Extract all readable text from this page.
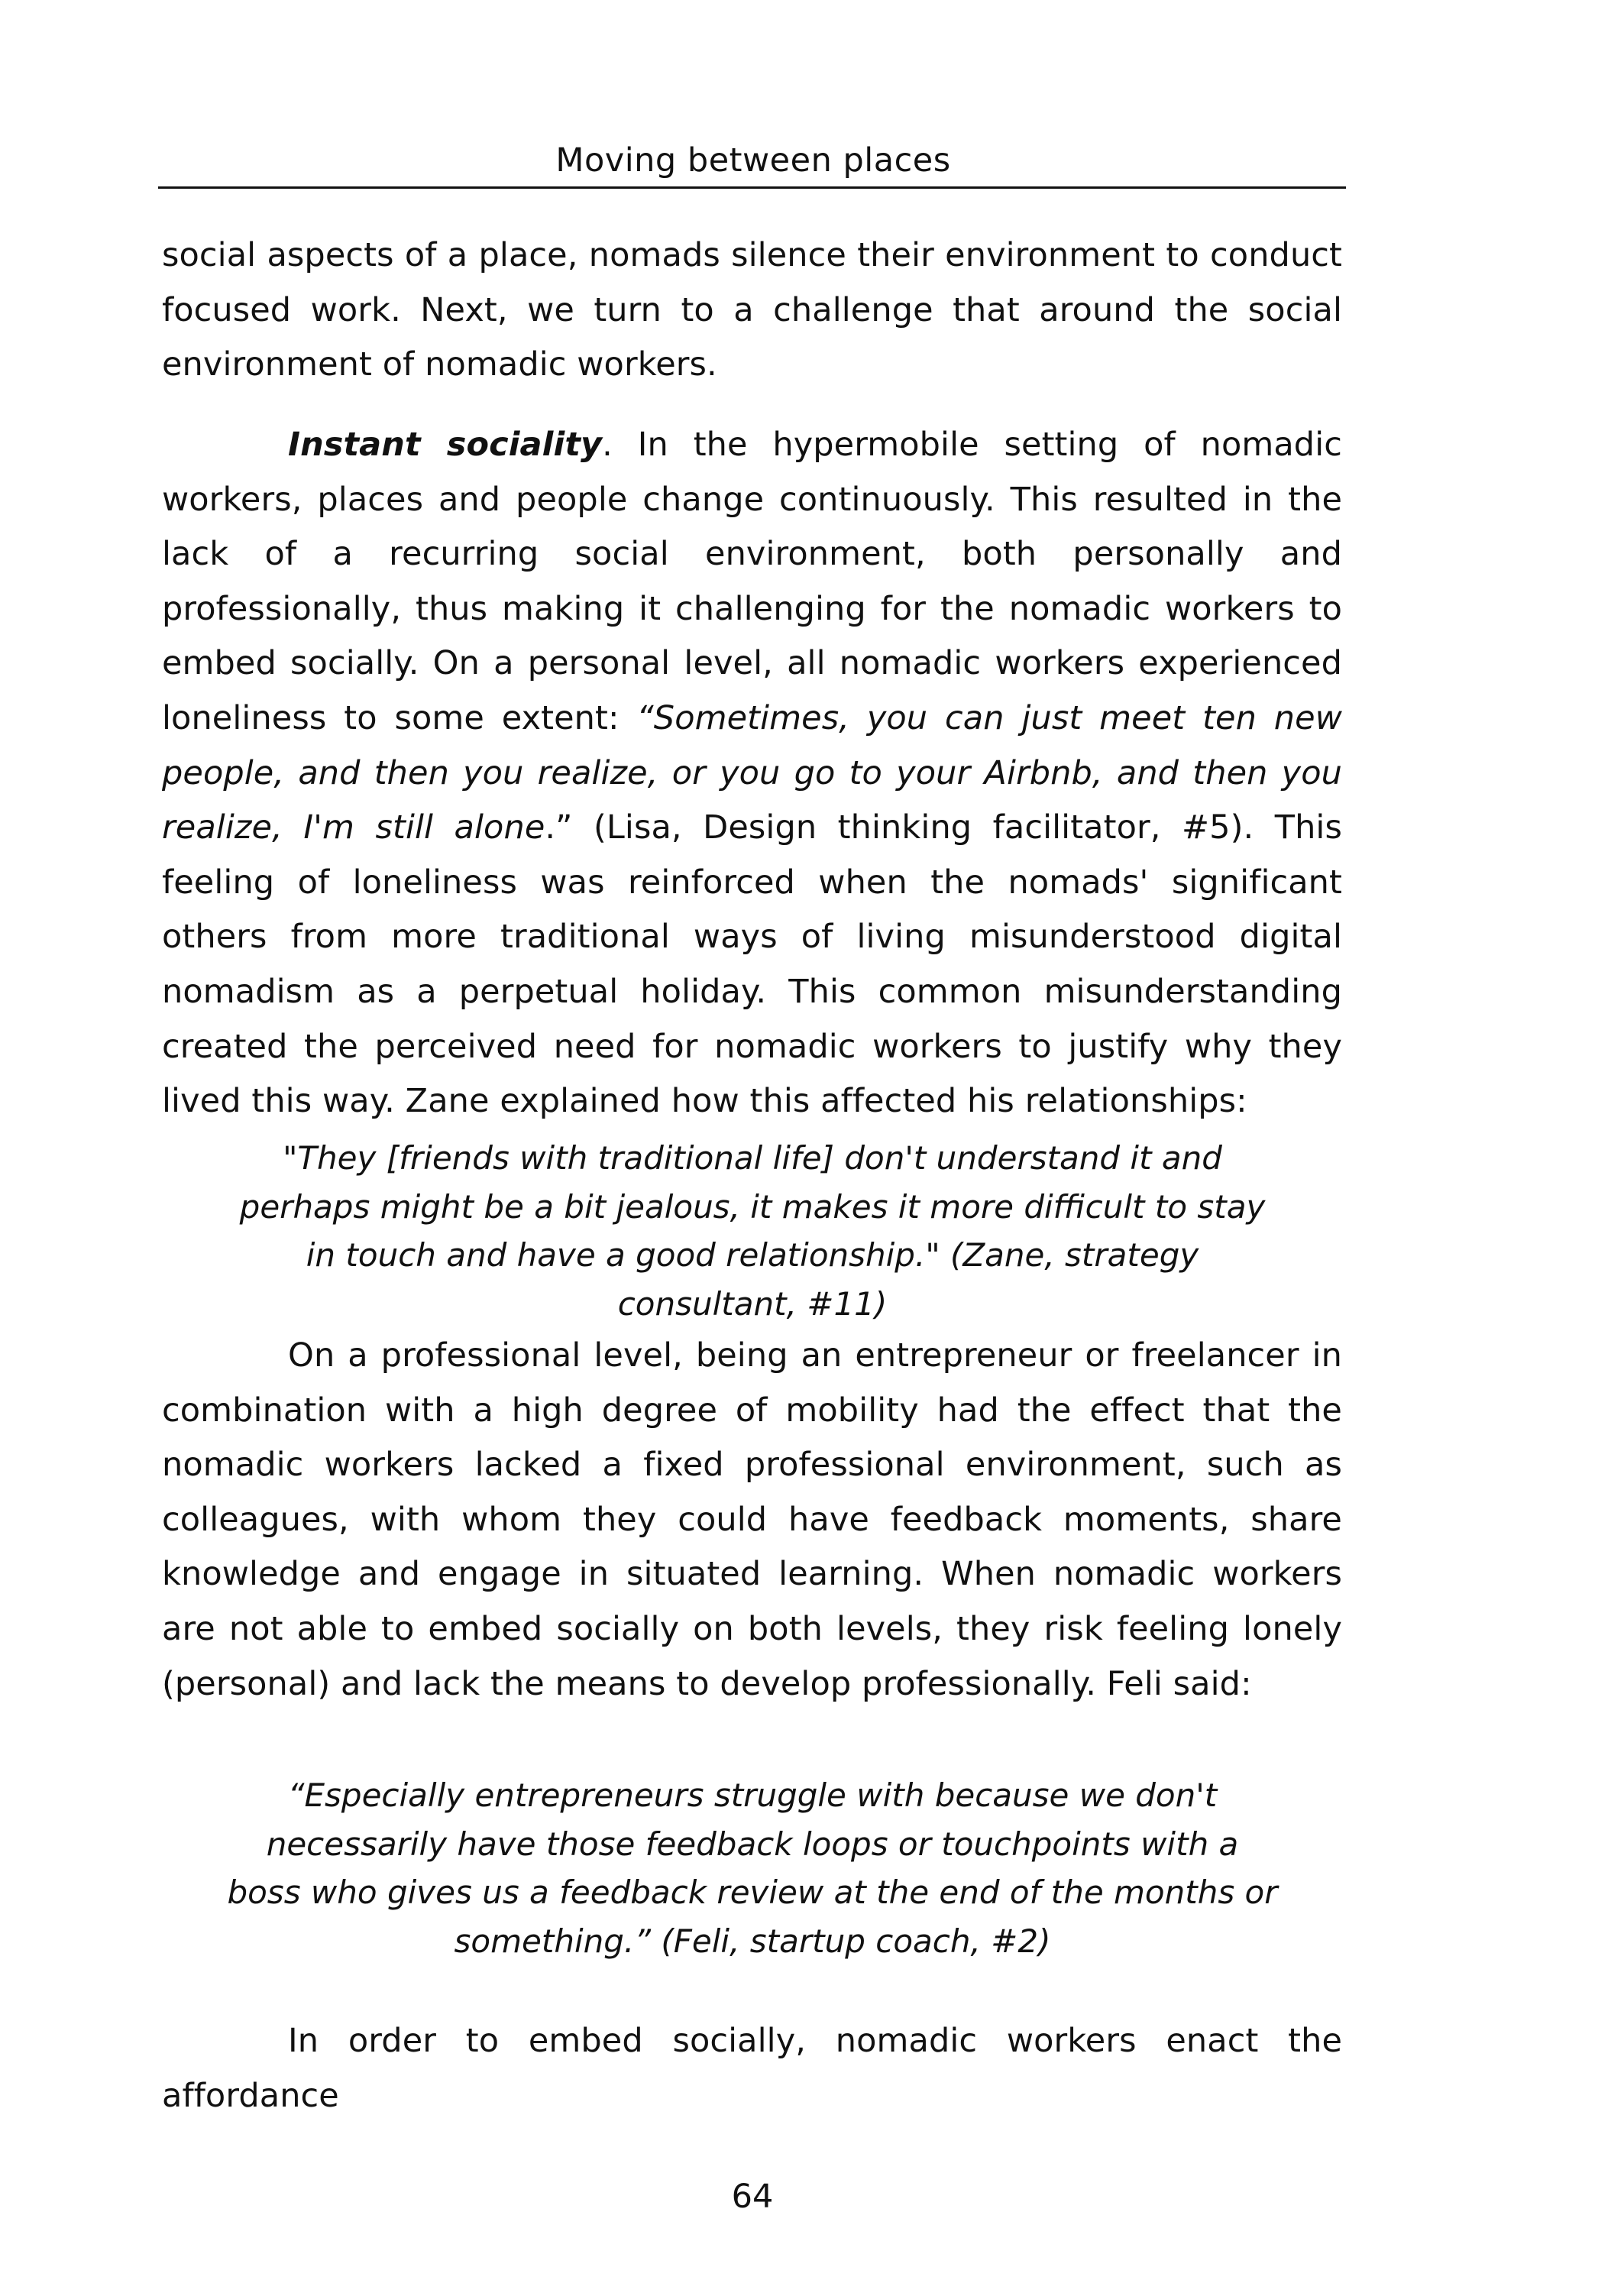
Moving between places

social aspects of a place, nomads silence their environment to conduct focused work. Next, we turn to a challenge that around the social environment of nomadic workers.

Instant sociality. In the hypermobile setting of nomadic workers, places and people change continuously. This resulted in the lack of a recurring social environment, both personally and professionally, thus making it challenging for the nomadic workers to embed socially. On a personal level, all nomadic workers experienced loneliness to some extent: “Sometimes, you can just meet ten new people, and then you realize, or you go to your Airbnb, and then you realize, I'm still alone.” (Lisa, Design thinking facilitator, #5). This feeling of loneliness was reinforced when the nomads' significant others from more traditional ways of living misunderstood digital nomadism as a perpetual holiday. This common misunderstanding created the perceived need for nomadic workers to justify why they lived this way. Zane explained how this affected his relationships:

"They [friends with traditional life] don't understand it and perhaps might be a bit jealous, it makes it more difficult to stay in touch and have a good relationship." (Zane, strategy consultant, #11)

On a professional level, being an entrepreneur or freelancer in combination with a high degree of mobility had the effect that the nomadic workers lacked a fixed professional environment, such as colleagues, with whom they could have feedback moments, share knowledge and engage in situated learning. When nomadic workers are not able to embed socially on both levels, they risk feeling lonely (personal) and lack the means to develop professionally. Feli said:

“Especially entrepreneurs struggle with because we don't necessarily have those feedback loops or touchpoints with a boss who gives us a feedback review at the end of the months or something.” (Feli, startup coach, #2)

In order to embed socially, nomadic workers enact the affordance

64
